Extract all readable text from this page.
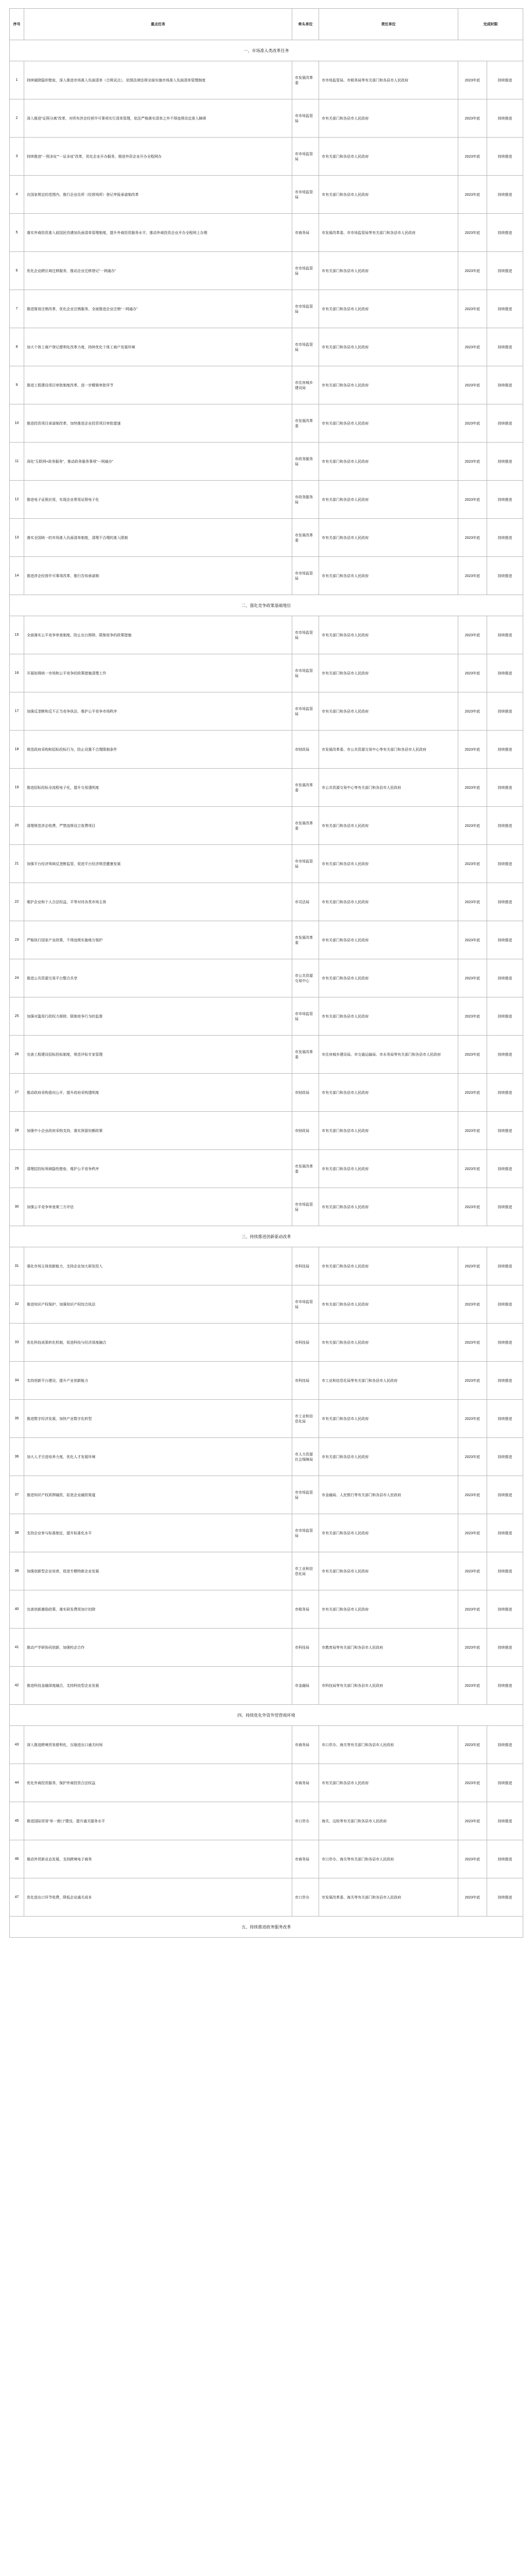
序号	重点任务	牵头单位	责任单位	完成时限	
一、市场准入类改革任务					
1	持续破除隐形壁垒，深入推进市场准入负面清单（合规试点），依照法律法规全面实施市场准入负面清单管理制度	市发展改革委	市市场监管局、市税务局等有关部门和各县市人民政府	2023年底	持续推进
2	深入推进“证照分离”改革，对所有涉企经营许可事项实行清单管理，依法严格落实清单之外不得违规设定准入障碍	市市场监管局	市有关部门和各县市人民政府	2023年底	持续推进
3	持续推进“一照多址”“一证多址”改革，优化企业开办服务，推进外资企业开办全程网办	市市场监管局	市有关部门和各县市人民政府	2023年底	持续推进
4	在国家规定的范围内，推行企业住所（经营场所）登记申报承诺制改革	市市场监管局	市有关部门和各县市人民政府	2023年底	持续推进
5	落实外商投资准入前国民待遇加负面清单管理制度，提升外商投资服务水平，推动外商投资企业开办全程网上办理	市商务局	市发展改革委、市市场监管局等有关部门和各县市人民政府	2023年底	持续推进
6	优化企业跨区域迁移服务，推动企业迁移登记“一网通办”	市市场监管局	市有关部门和各县市人民政府	2023年底	持续推进
7	推进简易注销改革，优化企业注销服务，全面推进企业注销“一网通办”	市市场监管局	市有关部门和各县市人民政府	2023年底	持续推进
8	加大个体工商户登记便利化改革力度，持续优化个体工商户发展环境	市市场监管局	市有关部门和各县市人民政府	2023年底	持续推进
9	推进工程建设项目审批制度改革，进一步精简审批环节	市住房城乡建设局	市有关部门和各县市人民政府	2023年底	持续推进
10	推进投资项目承诺制改革，加快推进企业投资项目审批提速	市发展改革委	市有关部门和各县市人民政府	2023年底	持续推进
11	深化“互联网+政务服务”，推动政务服务事项“一网通办”	市政务服务局	市有关部门和各县市人民政府	2023年底	持续推进
12	推进电子证照应用，实现企业常用证照电子化	市政务服务局	市有关部门和各县市人民政府	2023年底	持续推进
13	落实全国统一的市场准入负面清单制度，清理不合理的准入限制	市发展改革委	市有关部门和各县市人民政府	2023年底	持续推进
14	推进涉企经营许可事项改革，推行告知承诺制	市市场监管局	市有关部门和各县市人民政府	2023年底	持续推进
二、强化竞争政策基础地位					
15	全面落实公平竞争审查制度，防止出台排除、限制竞争的政策措施	市市场监管局	市有关部门和各县市人民政府	2023年底	持续推进
16	开展妨碍统一市场和公平竞争的政策措施清理工作	市市场监管局	市有关部门和各县市人民政府	2023年底	持续推进
17	加强反垄断和反不正当竞争执法，维护公平竞争市场秩序	市市场监管局	市有关部门和各县市人民政府	2023年底	持续推进
18	规范政府采购和招标投标行为，防止设置不合理限制条件	市财政局	市发展改革委、市公共资源交易中心等有关部门和各县市人民政府	2023年底	持续推进
19	推进招标投标全流程电子化，提升交易透明度	市发展改革委	市公共资源交易中心等有关部门和各县市人民政府	2023年底	持续推进
20	清理规范涉企收费，严禁违规设立收费项目	市发展改革委	市有关部门和各县市人民政府	2023年底	持续推进
21	加强平台经济领域反垄断监管，促进平台经济规范健康发展	市市场监管局	市有关部门和各县市人民政府	2023年底	持续推进
22	维护企业和个人合法权益，平等对待各类市场主体	市司法局	市有关部门和各县市人民政府	2023年底	持续推进
23	严格执行国家产业政策，不得违规实施地方保护	市发展改革委	市有关部门和各县市人民政府	2023年底	持续推进
24	推进公共资源交易平台整合共享	市公共资源交易中心	市有关部门和各县市人民政府	2023年底	持续推进
25	加强对滥用行政权力排除、限制竞争行为的监督	市市场监管局	市有关部门和各县市人民政府	2023年底	持续推进
26	完善工程建设招标投标制度，规范评标专家管理	市发展改革委	市住房城乡建设局、市交通运输局、市水务局等有关部门和各县市人民政府	2023年底	持续推进
27	推动政府采购意向公开，提升政府采购透明度	市财政局	市有关部门和各县市人民政府	2023年底	持续推进
28	加强中小企业政府采购支持，落实预留份额政策	市财政局	市有关部门和各县市人民政府	2023年底	持续推进
29	清理招投标领域隐性壁垒，维护公平竞争秩序	市发展改革委	市有关部门和各县市人民政府	2023年底	持续推进
30	加强公平竞争审查第三方评估	市市场监管局	市有关部门和各县市人民政府	2023年底	持续推进
三、持续推进创新驱动改革					
31	强化市场主体创新能力，支持企业加大研发投入	市科技局	市有关部门和各县市人民政府	2023年底	持续推进
32	推进知识产权保护，加强知识产权综合执法	市市场监管局	市有关部门和各县市人民政府	2023年底	持续推进
33	优化科技成果转化机制，促进科技与经济深度融合	市科技局	市有关部门和各县市人民政府	2023年底	持续推进
34	支持创新平台建设，提升产业创新能力	市科技局	市工业和信息化局等有关部门和各县市人民政府	2023年底	持续推进
35	推进数字经济发展，加快产业数字化转型	市工业和信息化局	市有关部门和各县市人民政府	2023年底	持续推进
36	加大人才引进培养力度，优化人才发展环境	市人力资源社会保障局	市有关部门和各县市人民政府	2023年底	持续推进
37	推进知识产权质押融资，拓宽企业融资渠道	市市场监管局	市金融局、人民银行等有关部门和各县市人民政府	2023年底	持续推进
38	支持企业参与标准制定，提升标准化水平	市市场监管局	市有关部门和各县市人民政府	2023年底	持续推进
39	加强创新型企业培育，促进专精特新企业发展	市工业和信息化局	市有关部门和各县市人民政府	2023年底	持续推进
40	完善创新激励政策，落实研发费用加计扣除	市税务局	市有关部门和各县市人民政府	2023年底	持续推进
41	推动产学研协同创新，加强校企合作	市科技局	市教育局等有关部门和各县市人民政府	2023年底	持续推进
42	推进科技金融深度融合，支持科技型企业发展	市金融局	市科技局等有关部门和各县市人民政府	2023年底	持续推进
四、持续优化外资外贸营商环境					
43	深入推进跨境贸易便利化，压缩进出口通关时间	市商务局	市口岸办、海关等有关部门和各县市人民政府	2023年底	持续推进
44	优化外商投资服务，保护外商投资合法权益	市商务局	市有关部门和各县市人民政府	2023年底	持续推进
45	推进国际贸易“单一窗口”建设，提升通关服务水平	市口岸办	海关、边检等有关部门和各县市人民政府	2023年底	持续推进
46	推动外贸新业态发展，支持跨境电子商务	市商务局	市口岸办、海关等有关部门和各县市人民政府	2023年底	持续推进
47	优化进出口环节收费，降低企业通关成本	市口岸办	市发展改革委、海关等有关部门和各县市人民政府	2023年底	持续推进
五、持续推进政务服务改革					
